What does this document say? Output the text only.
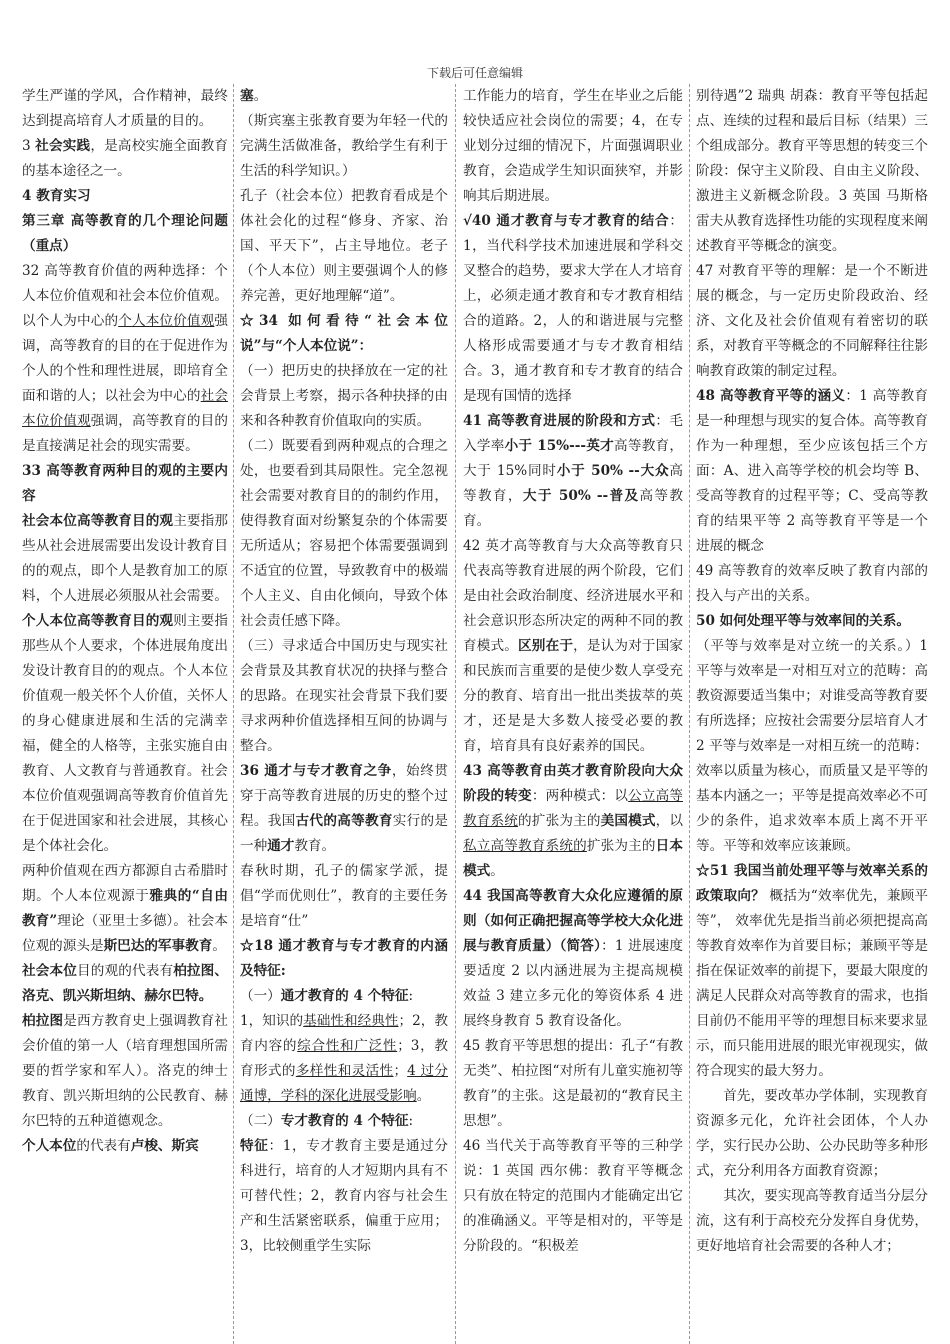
下载后可任意编辑

学生严谨的学风，合作精神，最终达到提高培育人才质量的目的。

3 社会实践，是高校实施全面教育的基本途径之一。

4 教育实习

第三章 高等教育的几个理论问题（重点）

32 高等教育价值的两种选择：个人本位价值观和社会本位价值观。以个人为中心的个人本位价值观强调，高等教育的目的在于促进作为个人的个性和理性进展，即培育全面和谐的人；以社会为中心的社会本位价值观强调，高等教育的目的是直接满足社会的现实需要。

33 高等教育两种目的观的主要内容

社会本位高等教育目的观主要指那些从社会进展需要出发设计教育目的的观点，即个人是教育加工的原料，个人进展必须服从社会需要。个人本位高等教育目的观则主要指那些从个人要求，个体进展角度出发设计教育目的的观点。个人本位价值观一般关怀个人价值，关怀人的身心健康进展和生活的完满幸福，健全的人格等，主张实施自由教育、人文教育与普通教育。社会本位价值观强调高等教育价值首先在于促进国家和社会进展，其核心是个体社会化。

两种价值观在西方都源自古希腊时期。个人本位观源于雅典的“自由教育”理论（亚里士多德）。社会本位观的源头是斯巴达的军事教育。

社会本位目的观的代表有柏拉图、洛克、凯兴斯坦纳、赫尔巴特。

柏拉图是西方教育史上强调教育社会价值的第一人（培育理想国所需要的哲学家和军人）。洛克的绅士教育、凯兴斯坦纳的公民教育、赫尔巴特的五种道德观念。

个人本位的代表有卢梭、斯宾

塞。

（斯宾塞主张教育要为年轻一代的完满生活做准备，教给学生有利于生活的科学知识。）

孔子（社会本位）把教育看成是个体社会化的过程“修身、齐家、治国、平天下”，占主导地位。老子（个人本位）则主要强调个人的修养完善，更好地理解“道”。

☆34 如何看待“社会本位说”与“个人本位说”：

（一）把历史的抉择放在一定的社会背景上考察，揭示各种抉择的由来和各种教育价值取向的实质。

（二）既要看到两种观点的合理之处，也要看到其局限性。完全忽视社会需要对教育目的的制约作用，使得教育面对纷繁复杂的个体需要无所适从；容易把个体需要强调到不适宜的位置，导致教育中的极端个人主义、自由化倾向，导致个体社会责任感下降。

（三）寻求适合中国历史与现实社会背景及其教育状况的抉择与整合的思路。在现实社会背景下我们要寻求两种价值选择相互间的协调与整合。

36 通才与专才教育之争，始终贯穿于高等教育进展的历史的整个过程。我国古代的高等教育实行的是一种通才教育。

春秋时期，孔子的儒家学派，提倡“学而优则仕”，教育的主要任务是培育“仕”

☆18 通才教育与专才教育的内涵及特征:

（一）通才教育的 4 个特征:

1，知识的基础性和经典性；2，教育内容的综合性和广泛性；3，教育形式的多样性和灵活性；4 过分通博，学科的深化进展受影响。

（二）专才教育的 4 个特征:

特征：1，专才教育主要是通过分科进行，培育的人才短期内具有不可替代性；2，教育内容与社会生产和生活紧密联系，偏重于应用；3，比较侧重学生实际

工作能力的培育，学生在毕业之后能较快适应社会岗位的需要；4，在专业划分过细的情况下，片面强调职业教育，会造成学生知识面狭窄，并影响其后期进展。

√40 通才教育与专才教育的结合：1，当代科学技术加速进展和学科交叉整合的趋势，要求大学在人才培育上，必须走通才教育和专才教育相结合的道路。2，人的和谐进展与完整人格形成需要通才与专才教育相结合。3，通才教育和专才教育的结合是现有国情的选择

41 高等教育进展的阶段和方式：毛入学率小于 15%---英才高等教育，大于 15%同时小于 50% --大众高等教育，大于 50% --普及高等教育。

42 英才高等教育与大众高等教育只代表高等教育进展的两个阶段，它们是由社会政治制度、经济进展水平和社会意识形态所决定的两种不同的教育模式。区别在于，是认为对于国家和民族而言重要的是使少数人享受充分的教育、培育出一批出类拔萃的英才，还是是大多数人接受必要的教育，培育具有良好素养的国民。

43 高等教育由英才教育阶段向大众阶段的转变：两种模式：以公立高等教育系统的扩张为主的美国模式，以私立高等教育系统的扩张为主的日本模式。

44 我国高等教育大众化应遵循的原则（如何正确把握高等学校大众化进展与教育质量）（简答）：1 进展速度要适度 2 以内涵进展为主提高规模效益 3 建立多元化的筹资体系 4 进展终身教育 5 教育设备化。

45 教育平等思想的提出：孔子“有教无类”、柏拉图“对所有儿童实施初等教育”的主张。这是最初的“教育民主思想”。

46 当代关于高等教育平等的三种学说：1 英国 西尔佛：教育平等概念只有放在特定的范围内才能确定出它的准确涵义。平等是相对的，平等是分阶段的。“积极差

别待遇”2 瑞典 胡森：教育平等包括起点、连续的过程和最后目标（结果）三个组成部分。教育平等思想的转变三个阶段：保守主义阶段、自由主义阶段、激进主义新概念阶段。3 英国 马斯格雷夫从教育选择性功能的实现程度来阐述教育平等概念的演变。

47 对教育平等的理解：是一个不断进展的概念，与一定历史阶段政治、经济、文化及社会价值观有着密切的联系，对教育平等概念的不同解释往往影响教育政策的制定过程。

48 高等教育平等的涵义：1 高等教育是一种理想与现实的复合体。高等教育作为一种理想，至少应该包括三个方面：A、进入高等学校的机会均等 B、受高等教育的过程平等；C、受高等教育的结果平等 2 高等教育平等是一个进展的概念

49 高等教育的效率反映了教育内部的投入与产出的关系。

50 如何处理平等与效率间的关系。

（平等与效率是对立统一的关系。）1 平等与效率是一对相互对立的范畴：高教资源要适当集中；对谁受高等教育要有所选择；应按社会需要分层培育人才 2 平等与效率是一对相互统一的范畴：效率以质量为核心，而质量又是平等的基本内涵之一；平等是提高效率必不可少的条件，追求效率本质上离不开平等。平等和效率应该兼顾。

☆51 我国当前处理平等与效率关系的政策取向？ 概括为“效率优先，兼顾平等”， 效率优先是指当前必须把提高高等教育效率作为首要目标；兼顾平等是指在保证效率的前提下，要最大限度的满足人民群众对高等教育的需求，也指目前仍不能用平等的理想目标来要求显示，而只能用进展的眼光审视现实，做符合现实的最大努力。

首先，要改革办学体制，实现教育资源多元化，允许社会团体，个人办学，实行民办公助、公办民助等多种形式，充分利用各方面教育资源；

其次，要实现高等教育适当分层分流，这有利于高校充分发挥自身优势，更好地培育社会需要的各种人才；
